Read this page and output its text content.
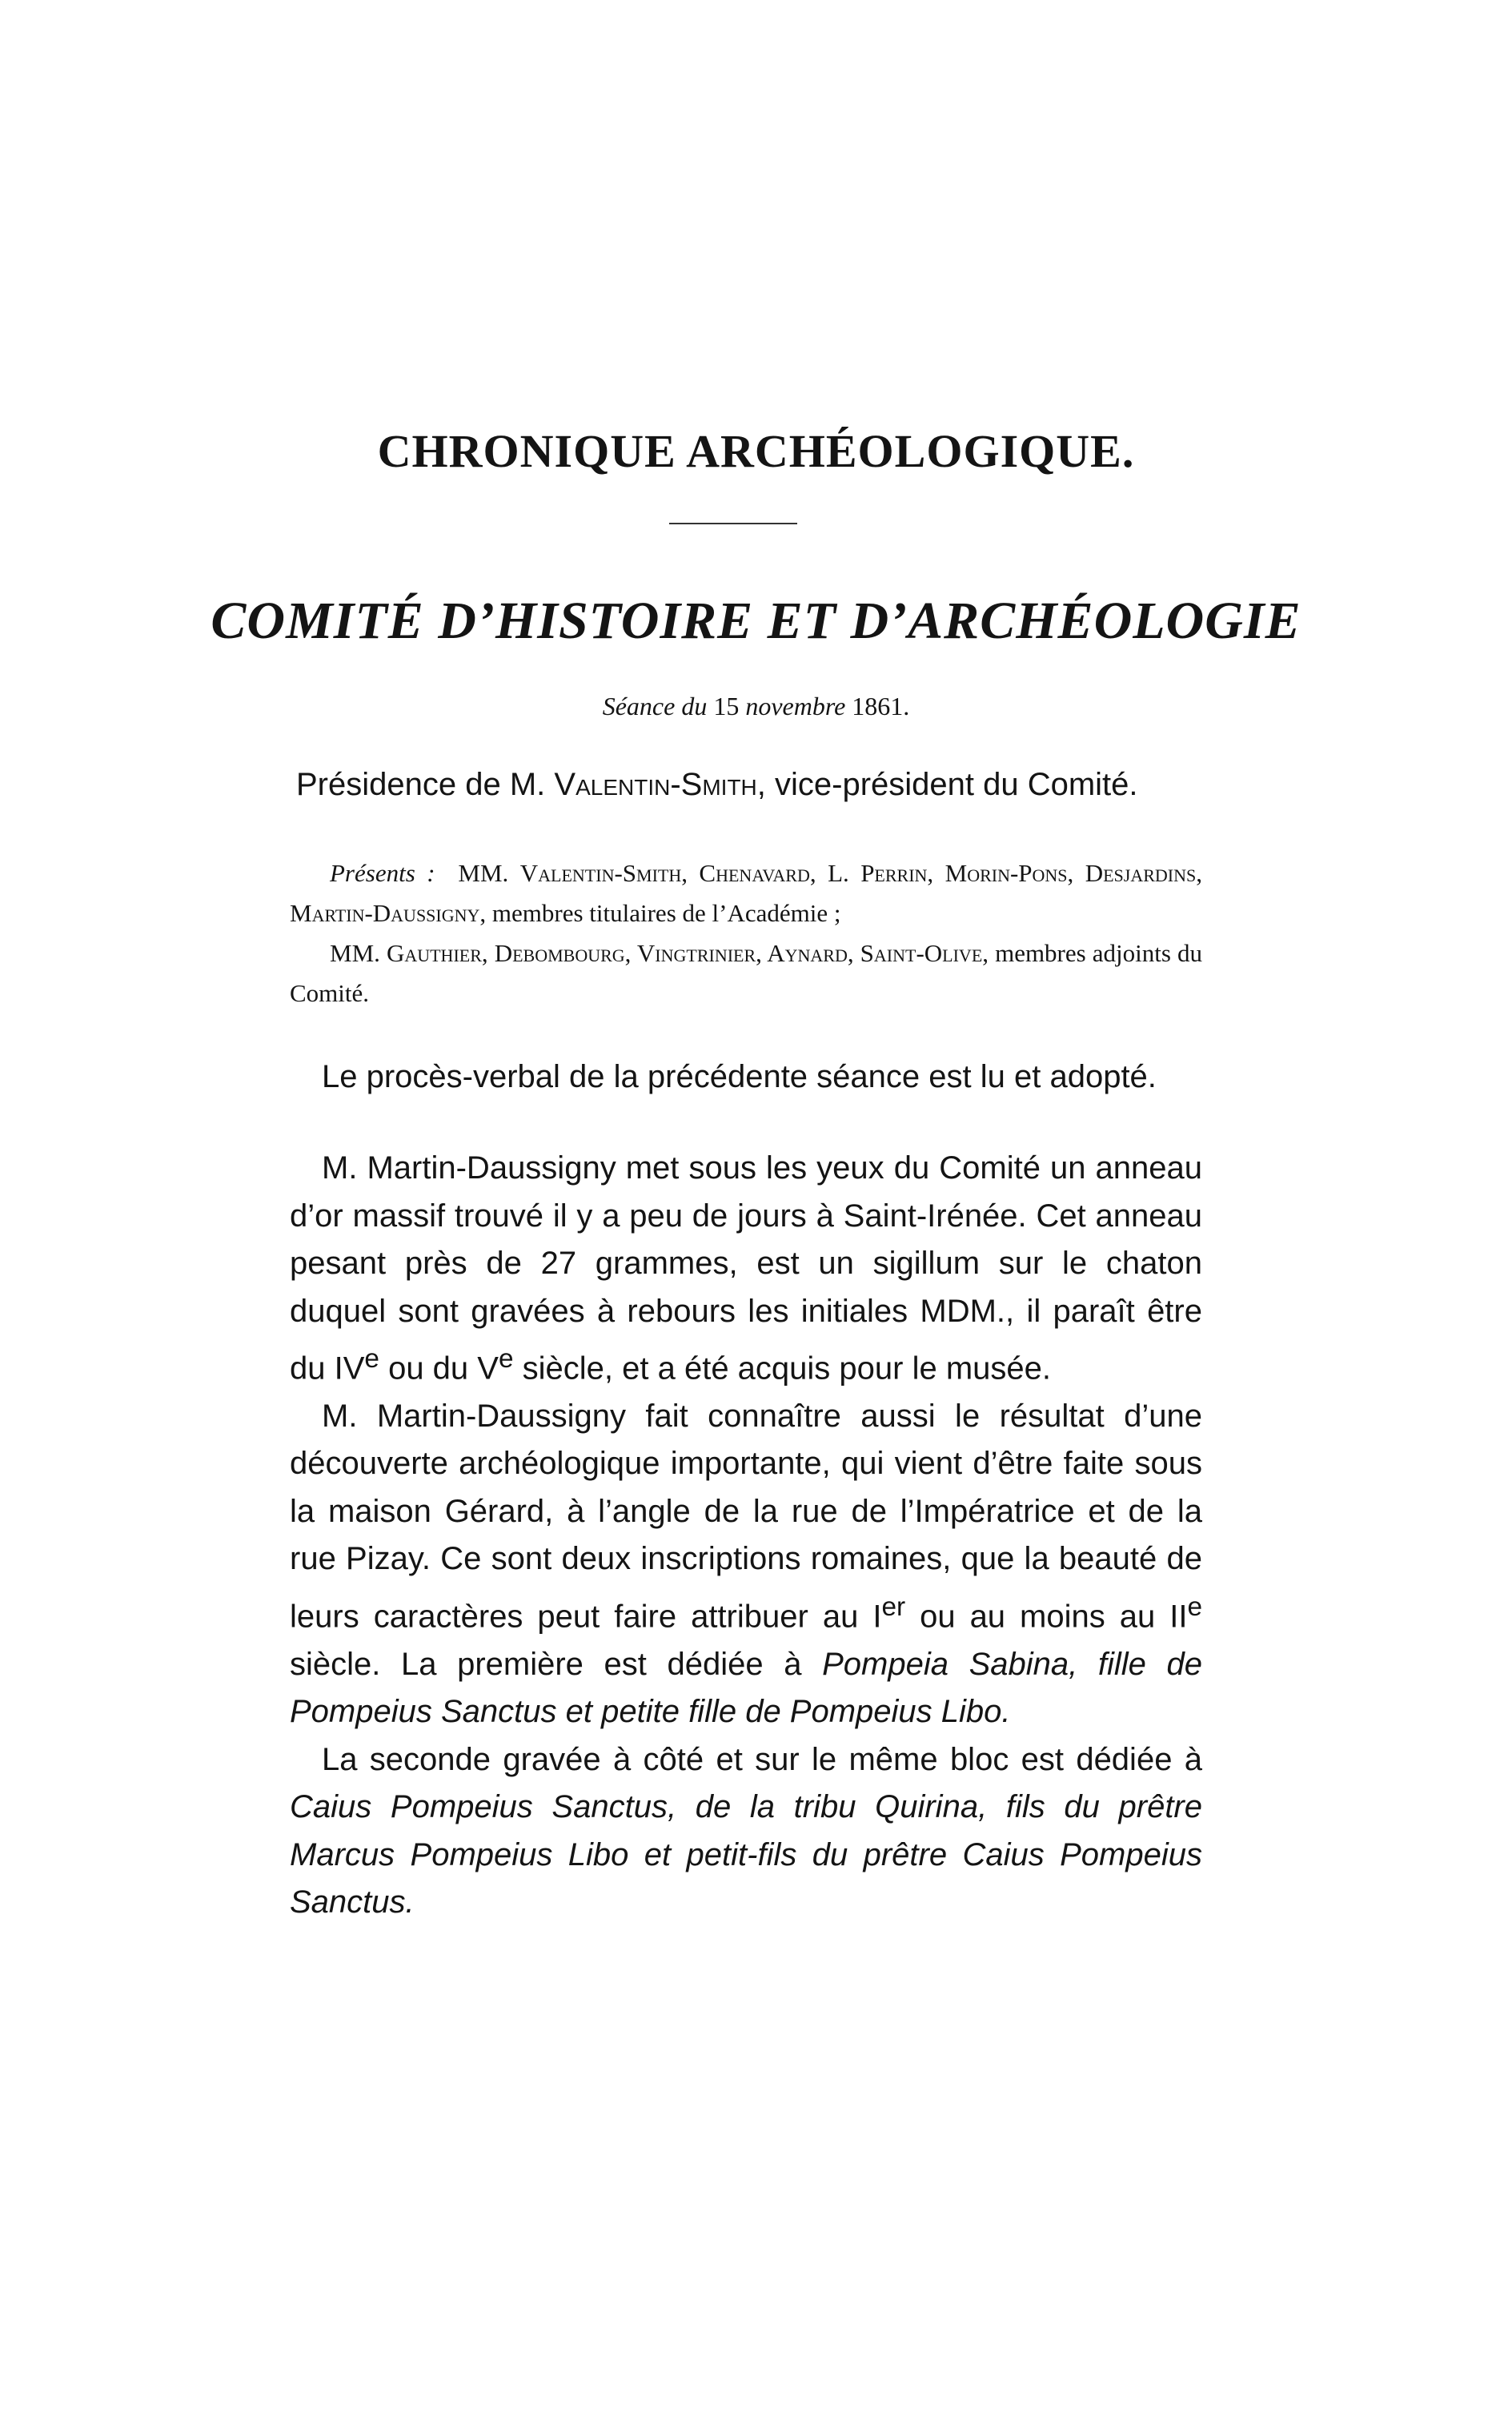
CHRONIQUE ARCHÉOLOGIQUE.
COMITÉ D’HISTOIRE ET D’ARCHÉOLOGIE

Séance du 15 novembre 1861.

Présidence de M. Valentin-Smith, vice-président du Comité.

Présents : MM. Valentin-Smith, Chenavard, L. Perrin, Morin-Pons, Desjardins, Martin-Daussigny, membres titulaires de l’Académie ;

MM. Gauthier, Debombourg, Vingtrinier, Aynard, Saint-Olive, membres adjoints du Comité.

Le procès-verbal de la précédente séance est lu et adopté.

M. Martin-Daussigny met sous les yeux du Comité un anneau d’or massif trouvé il y a peu de jours à Saint-Irénée. Cet anneau pesant près de 27 grammes, est un sigillum sur le chaton duquel sont gravées à rebours les initiales MDM., il paraît être du IVe ou du Ve siècle, et a été acquis pour le musée.

M. Martin-Daussigny fait connaître aussi le résultat d’une découverte archéologique importante, qui vient d’être faite sous la maison Gérard, à l’angle de la rue de l’Impératrice et de la rue Pizay. Ce sont deux inscriptions romaines, que la beauté de leurs caractères peut faire attribuer au Ier ou au moins au IIe siècle. La première est dédiée à Pompeia Sabina, fille de Pompeius Sanctus et petite fille de Pompeius Libo.

La seconde gravée à côté et sur le même bloc est dédiée à Caius Pompeius Sanctus, de la tribu Quirina, fils du prêtre Marcus Pompeius Libo et petit-fils du prêtre Caius Pompeius Sanctus.
